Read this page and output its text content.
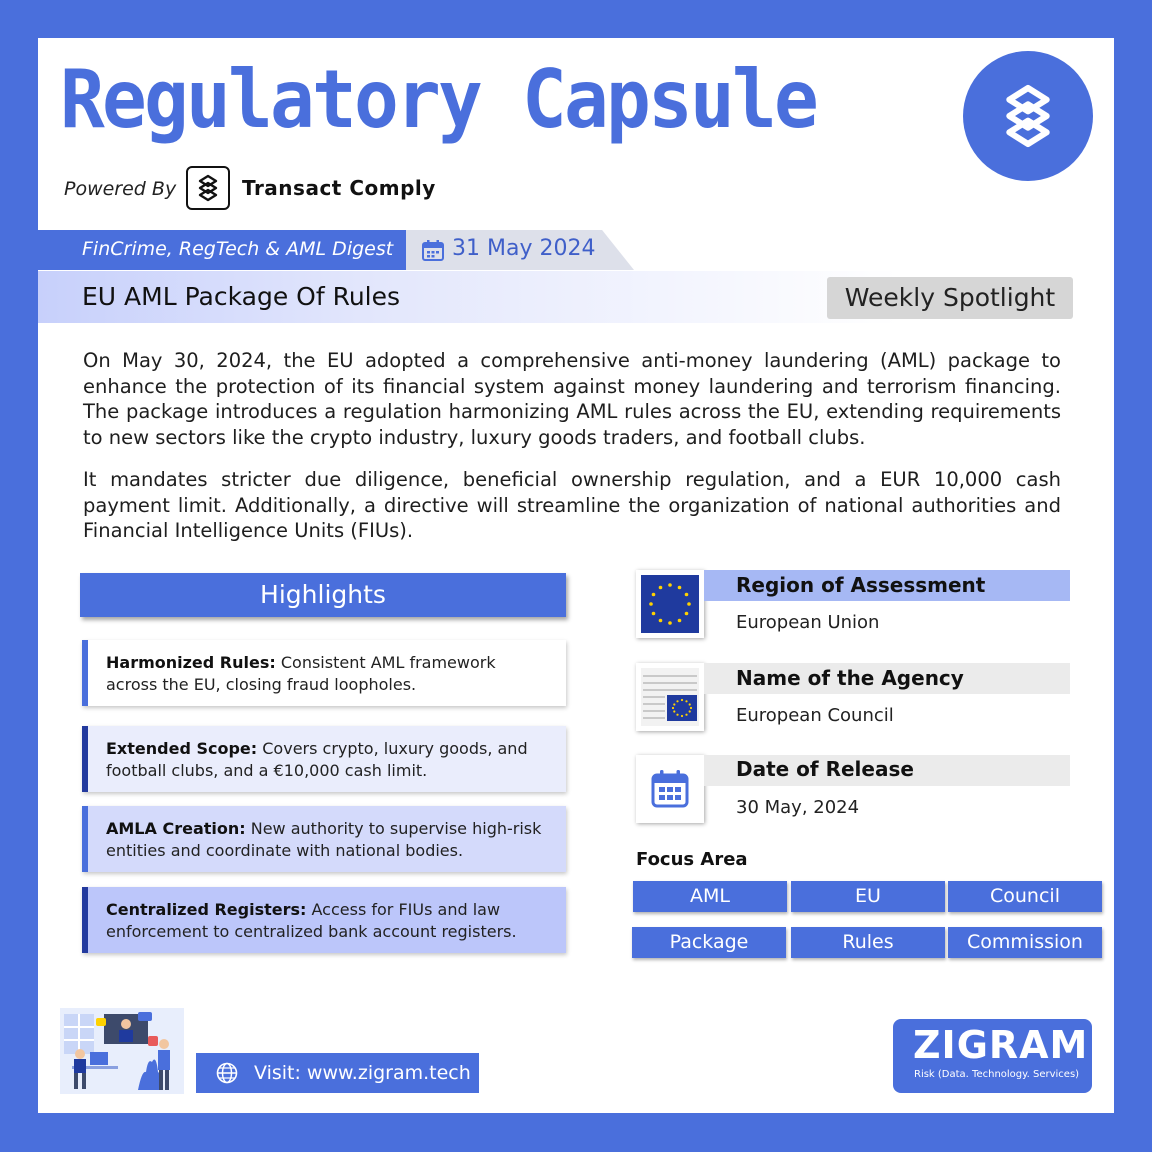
Regulatory Capsule
Powered By	Transact Comply
FinCrime, RegTech & AML Digest	31 May 2024
EU AML Package Of Rules	Weekly Spotlight
On May 30, 2024, the EU adopted a comprehensive anti-money laundering (AML) package to enhance the protection of its financial system against money laundering and terrorism financing. The package introduces a regulation harmonizing AML rules across the EU, extending requirements to new sectors like the crypto industry, luxury goods traders, and football clubs.
It mandates stricter due diligence, beneficial ownership regulation, and a EUR 10,000 cash payment limit. Additionally, a directive will streamline the organization of national authorities and Financial Intelligence Units (FIUs).
Highlights
Harmonized Rules: Consistent AML framework across the EU, closing fraud loopholes.
Extended Scope: Covers crypto, luxury goods, and football clubs, and a €10,000 cash limit.
AMLA Creation: New authority to supervise high-risk entities and coordinate with national bodies.
Centralized Registers: Access for FIUs and law enforcement to centralized bank account registers.
Region of Assessment
European Union
Name of the Agency
European Council
Date of Release
30 May, 2024
Focus Area
AML	EU	Council
Package	Rules	Commission
Visit: www.zigram.tech
ZIGRAM
Risk (Data. Technology. Services)
